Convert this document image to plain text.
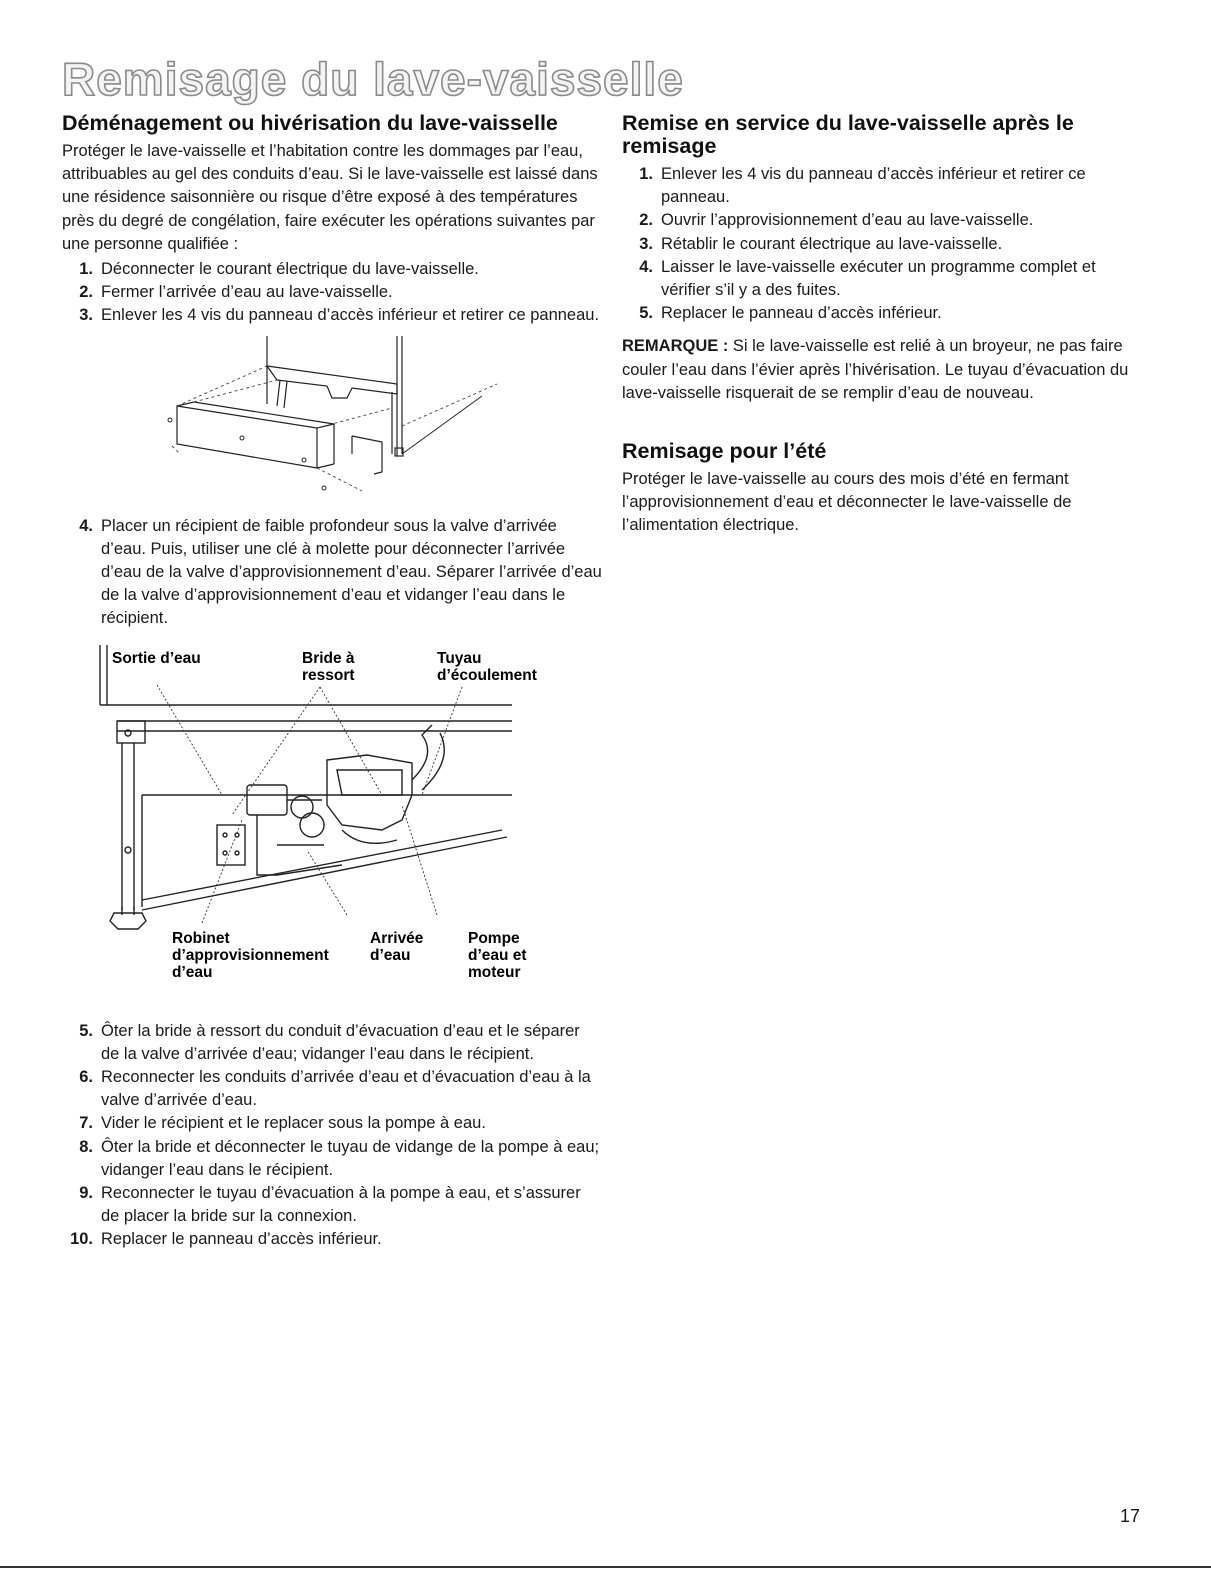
Remisage du lave-vaisselle
Déménagement ou hivérisation du lave-vaisselle

Protéger le lave-vaisselle et l’habitation contre les dommages par l’eau, attribuables au gel des conduits d’eau. Si le lave-vaisselle est laissé dans une résidence saisonnière ou risque d’être exposé à des températures près du degré de congélation, faire exécuter les opérations suivantes par une personne qualifiée :

1. Déconnecter le courant électrique du lave-vaisselle.
2. Fermer l’arrivée d’eau au lave-vaisselle.
3. Enlever les 4 vis du panneau d’accès inférieur et retirer ce panneau.
4. Placer un récipient de faible profondeur sous la valve d’arrivée d’eau. Puis, utiliser une clé à molette pour déconnecter l’arrivée d’eau de la valve d’approvisionnement d’eau. Séparer l’arrivée d’eau de la valve d’approvisionnement d’eau et vidanger l’eau dans le récipient.
Sortie d’eau	Bride à
ressort
Tuyau
d’écoulement
Robinet
d’approvisionnement
d’eau
Arrivée
d’eau
Pompe
d’eau et
moteur
5. Ôter la bride à ressort du conduit d’évacuation d’eau et le séparer de la valve d’arrivée d’eau; vidanger l’eau dans le récipient.
6. Reconnecter les conduits d’arrivée d’eau et d’évacuation d’eau à la valve d’arrivée d’eau.
7. Vider le récipient et le replacer sous la pompe à eau.
8. Ôter la bride et déconnecter le tuyau de vidange de la pompe à eau; vidanger l’eau dans le récipient.
9. Reconnecter le tuyau d’évacuation à la pompe à eau, et s’assurer de placer la bride sur la connexion.
10. Replacer le panneau d’accès inférieur.
Remise en service du lave-vaisselle après le remisage
1. Enlever les 4 vis du panneau d’accès inférieur et retirer ce panneau.
2. Ouvrir l’approvisionnement d’eau au lave-vaisselle.
3. Rétablir le courant électrique au lave-vaisselle.
4. Laisser le lave-vaisselle exécuter un programme complet et vérifier s’il y a des fuites.
5. Replacer le panneau d’accès inférieur.

REMARQUE : Si le lave-vaisselle est relié à un broyeur, ne pas faire couler l’eau dans l’évier après l’hivérisation. Le tuyau d’évacuation du lave-vaisselle risquerait de se remplir d’eau de nouveau.

Remisage pour l’été

Protéger le lave-vaisselle au cours des mois d’été en fermant l’approvisionnement d’eau et déconnecter le lave-vaisselle de l’alimentation électrique.

17
